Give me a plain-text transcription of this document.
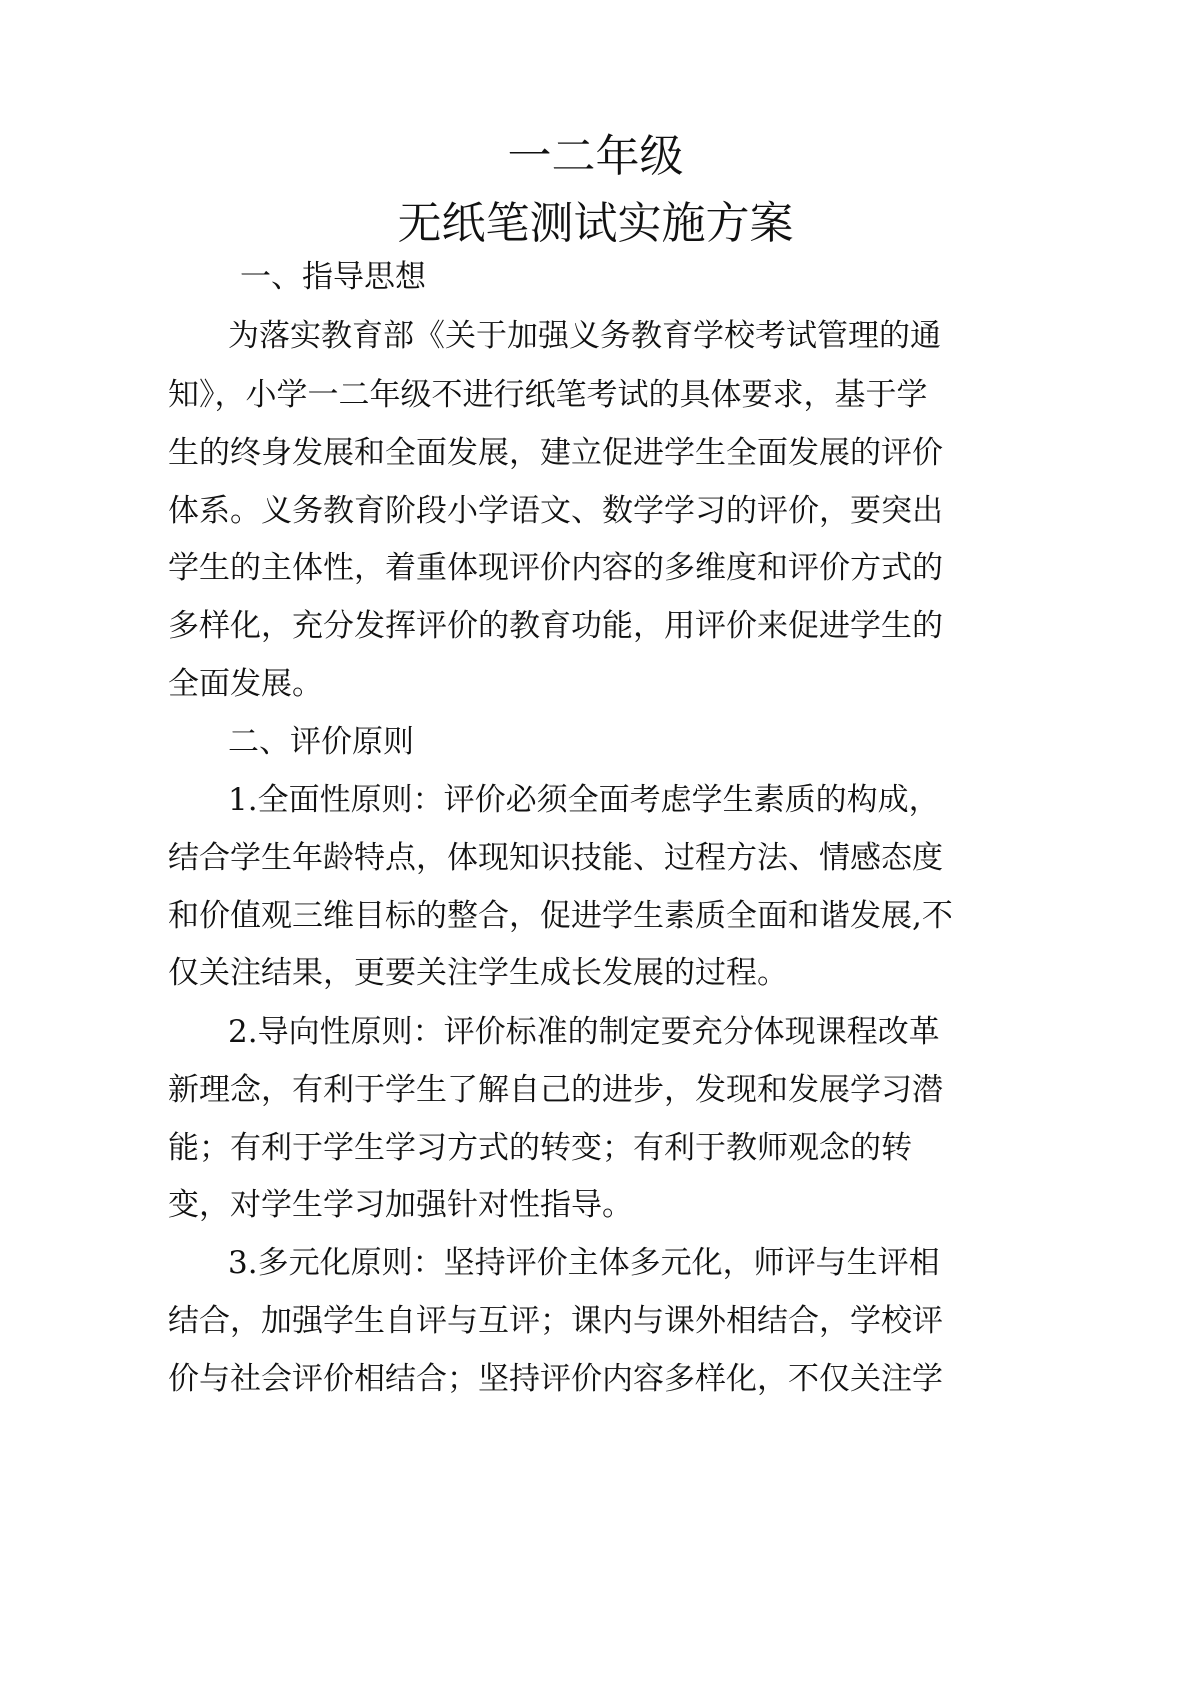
一二年级
无纸笔测试实施方案

一、指导思想

为落实教育部《关于加强义务教育学校考试管理的通

知》，小学一二年级不进行纸笔考试的具体要求，基于学

生的终身发展和全面发展，建立促进学生全面发展的评价

体系。义务教育阶段小学语文、数学学习的评价，要突出

学生的主体性，着重体现评价内容的多维度和评价方式的

多样化，充分发挥评价的教育功能，用评价来促进学生的

全面发展。

二、评价原则

1.全面性原则：评价必须全面考虑学生素质的构成，

结合学生年龄特点，体现知识技能、过程方法、情感态度

和价值观三维目标的整合，促进学生素质全面和谐发展,不

仅关注结果，更要关注学生成长发展的过程。

2.导向性原则：评价标准的制定要充分体现课程改革

新理念，有利于学生了解自己的进步，发现和发展学习潜

能；有利于学生学习方式的转变；有利于教师观念的转

变，对学生学习加强针对性指导。

3.多元化原则：坚持评价主体多元化，师评与生评相

结合，加强学生自评与互评；课内与课外相结合，学校评

价与社会评价相结合；坚持评价内容多样化，不仅关注学
